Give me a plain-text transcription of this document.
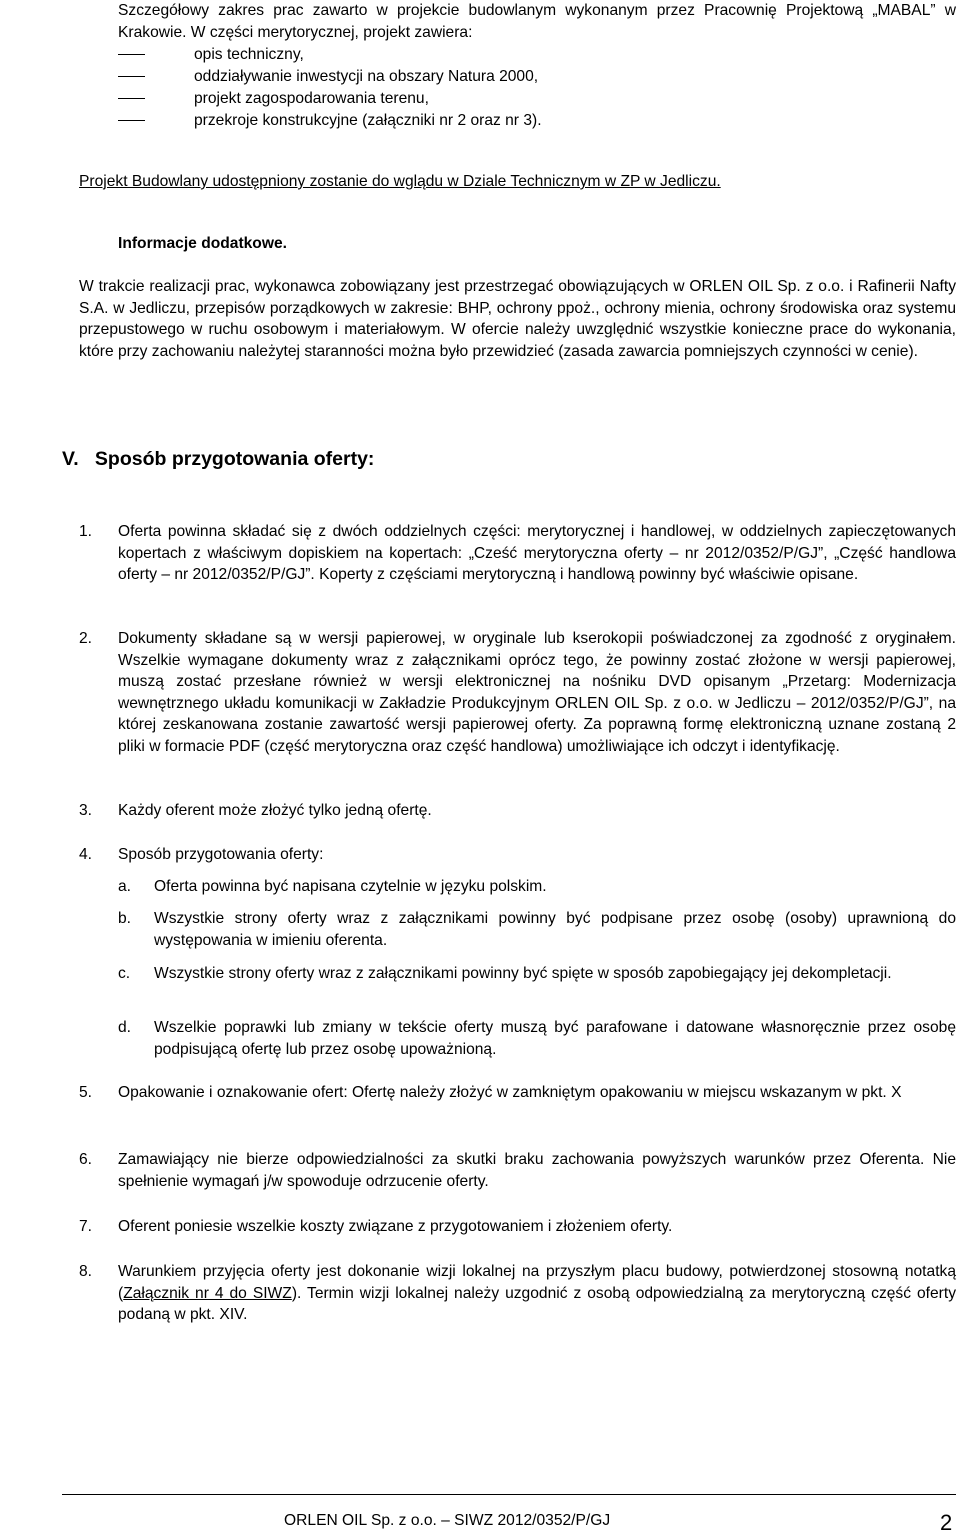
Szczegółowy zakres prac zawarto w projekcie budowlanym wykonanym przez Pracownię Projektową „MABAL” w Krakowie. W części merytorycznej, projekt zawiera:

opis techniczny,
oddziaływanie inwestycji na obszary Natura 2000,
projekt zagospodarowania terenu,
przekroje konstrukcyjne (załączniki nr 2 oraz nr 3).

Projekt Budowlany udostępniony zostanie do wglądu w Dziale Technicznym w ZP w Jedliczu.

Informacje dodatkowe.

W trakcie realizacji prac, wykonawca zobowiązany jest przestrzegać obowiązujących w ORLEN OIL Sp. z o.o. i Rafinerii Nafty S.A. w Jedliczu, przepisów porządkowych w zakresie: BHP, ochrony ppoż., ochrony mienia, ochrony środowiska oraz systemu przepustowego w ruchu osobowym i materiałowym. W ofercie należy uwzględnić wszystkie konieczne prace do wykonania, które przy zachowaniu należytej staranności można było przewidzieć (zasada zawarcia pomniejszych czynności w cenie).

V. Sposób przygotowania oferty:

1. Oferta powinna składać się z dwóch oddzielnych części: merytorycznej i handlowej, w oddzielnych zapieczętowanych kopertach z właściwym dopiskiem na kopertach: „Cześć merytoryczna oferty – nr 2012/0352/P/GJ”, „Część handlowa oferty – nr 2012/0352/P/GJ”. Koperty z częściami merytoryczną i handlową powinny być właściwie opisane.

2. Dokumenty składane są w wersji papierowej, w oryginale lub kserokopii poświadczonej za zgodność z oryginałem. Wszelkie wymagane dokumenty wraz z załącznikami oprócz tego, że powinny zostać złożone w wersji papierowej, muszą zostać przesłane również w wersji elektronicznej na nośniku DVD opisanym „Przetarg: Modernizacja wewnętrznego układu komunikacji w Zakładzie Produkcyjnym ORLEN OIL Sp. z o.o. w Jedliczu – 2012/0352/P/GJ”, na której zeskanowana zostanie zawartość wersji papierowej oferty. Za poprawną formę elektroniczną uznane zostaną 2 pliki w formacie PDF (część merytoryczna oraz część handlowa) umożliwiające ich odczyt i identyfikację.

3. Każdy oferent może złożyć tylko jedną ofertę.

4. Sposób przygotowania oferty:

a. Oferta powinna być napisana czytelnie w języku polskim.

b. Wszystkie strony oferty wraz z załącznikami powinny być podpisane przez osobę (osoby) uprawnioną do występowania w imieniu oferenta.

c. Wszystkie strony oferty wraz z załącznikami powinny być spięte w sposób zapobiegający jej dekompletacji.

d. Wszelkie poprawki lub zmiany w tekście oferty muszą być parafowane i datowane własnoręcznie przez osobę podpisującą ofertę lub przez osobę upoważnioną.

5. Opakowanie i oznakowanie ofert: Ofertę należy złożyć w zamkniętym opakowaniu w miejscu wskazanym w pkt. X

6. Zamawiający nie bierze odpowiedzialności za skutki braku zachowania powyższych warunków przez Oferenta. Nie spełnienie wymagań j/w spowoduje odrzucenie oferty.

7. Oferent poniesie wszelkie koszty związane z przygotowaniem i złożeniem oferty.

8. Warunkiem przyjęcia oferty jest dokonanie wizji lokalnej na przyszłym placu budowy, potwierdzonej stosowną notatką (Załącznik nr 4 do SIWZ). Termin wizji lokalnej należy uzgodnić z osobą odpowiedzialną za merytoryczną część oferty podaną w pkt. XIV.

ORLEN OIL Sp. z o.o. – SIWZ 2012/0352/P/GJ	2
